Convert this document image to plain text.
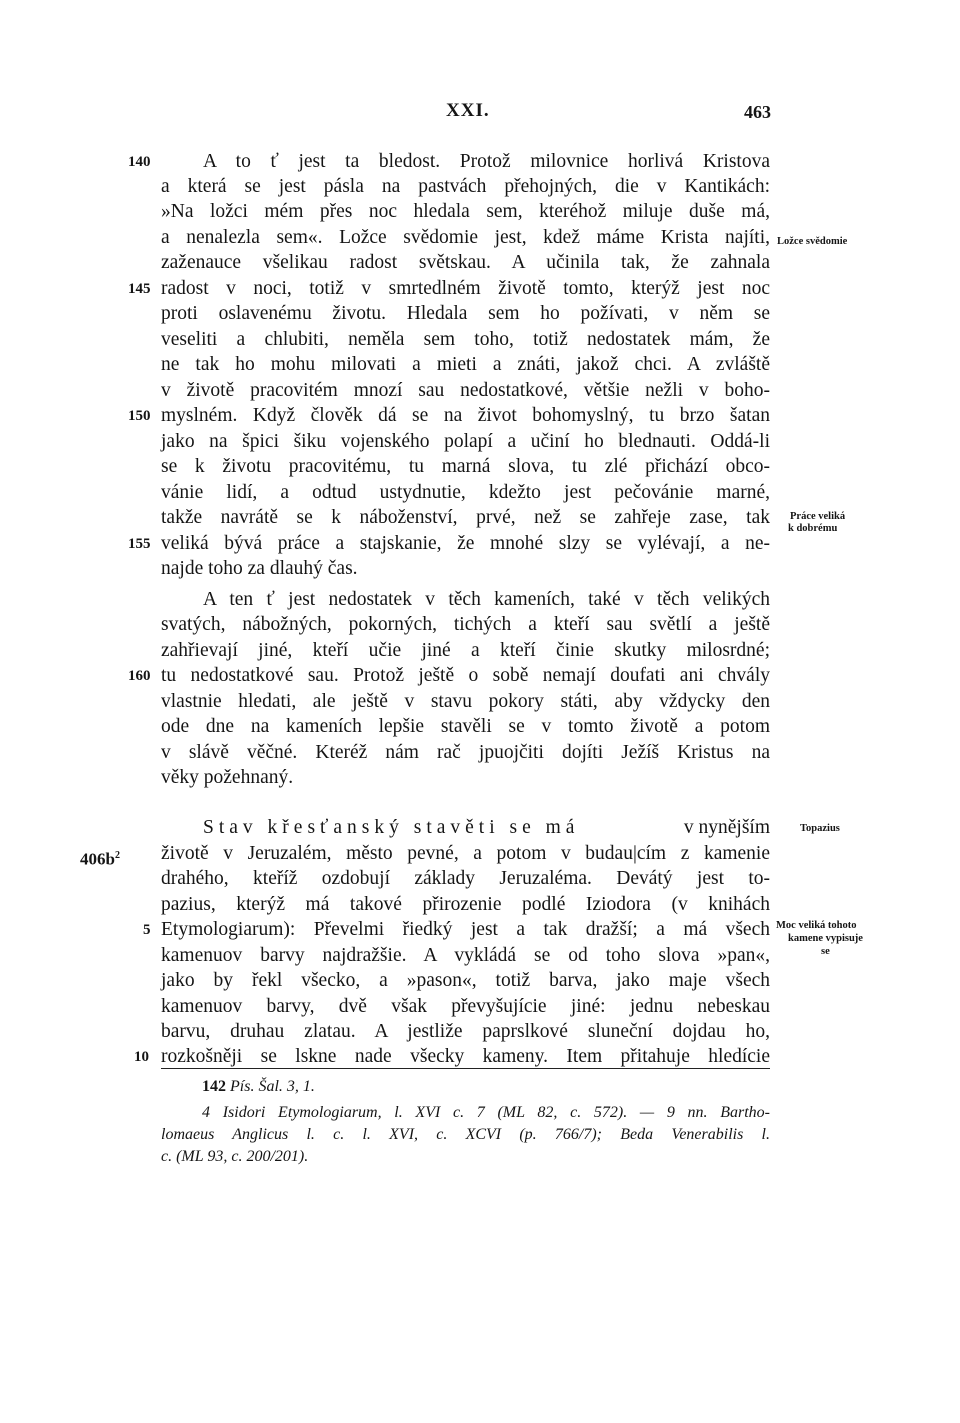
XXI.	463
A to ť jest ta bledost. Protož milovnice horlivá Kristova
a která se jest pásla na pastvách přehojných, die v Kantikách:
»Na ložci mém přes noc hledala sem, kteréhož miluje duše má,
a nenalezla sem«. Ložce svědomie jest, kdež máme Krista najíti,
zaženauce všelikau radost světskau. A učinila tak, že zahnala
radost v noci, totiž v smrtedlném životě tomto, kterýž jest noc
proti oslavenému životu. Hledala sem ho požívati, v něm se
veseliti a chlubiti, neměla sem toho, totiž nedostatek mám, že
ne tak ho mohu milovati a mieti a znáti, jakož chci. A zvláště
v životě pracovitém mnozí sau nedostatkové, většie nežli v boho-
myslném. Když člověk dá se na život bohomyslný, tu brzo šatan
jako na špici šiku vojenského polapí a učiní ho blednauti. Oddá-li
se k životu pracovitému, tu marná slova, tu zlé přichází obco-
vánie lidí, a odtud ustydnutie, kdežto jest pečovánie marné,
takže navrátě se k náboženství, prvé, než se zahřeje zase, tak
veliká bývá práce a stajskanie, že mnohé slzy se vylévají, a ne-
najde toho za dlauhý čas.
140
145
150
155
A ten ť jest nedostatek v těch kameních, také v těch velikých
svatých, nábožných, pokorných, tichých a kteří sau světlí a ještě
zahřievají jiné, kteří učie jiné a kteří činie skutky milosrdné;
tu nedostatkové sau. Protož ještě o sobě nemají doufati ani chvály
vlastnie hledati, ale ještě v stavu pokory státi, aby vždycky den
ode dne na kameních lepšie stavěli se v tomto životě a potom
v slávě věčné. Kteréž nám rač jpuojčiti dojíti Ježíš Kristus na
věky požehnaný.
160
Stav křesťanský stavěti se má	v nynějším
životě v Jeruzalém, město pevné, a potom v budau|cím z kamenie
drahého, kteříž ozdobují základy Jeruzaléma. Devátý jest to-
pazius, kterýž má takové přirozenie podlé Iziodora (v knihách
Etymologiarum): Převelmi řiedký jest a tak dražší; a má všech
kamenuov barvy najdražšie. A vykládá se od toho slova »pan«,
jako by řekl všecko, a »pason«, totiž barva, jako maje všech
kamenuov barvy, dvě však převyšujície jiné: jednu nebeskau
barvu, druhau zlatau. A jestliže paprslkové sluneční dojdau ho,
rozkošněji se lskne nade všecky kameny. Item přitahuje hledície
$406b^2$
5
10
Ložce svědomie
Práce veliká
k dobrému
Topazius
Moc veliká tohoto
kamene vypisuje
se
142 Pís. Šal. 3, 1.
4 Isidori Etymologiarum, l. XVI c. 7 (ML 82, c. 572). — 9 nn. Bartho-
lomaeus Anglicus l. c. l. XVI, c. XCVI (p. 766/7); Beda Venerabilis l.
c. (ML 93, c. 200/201).
